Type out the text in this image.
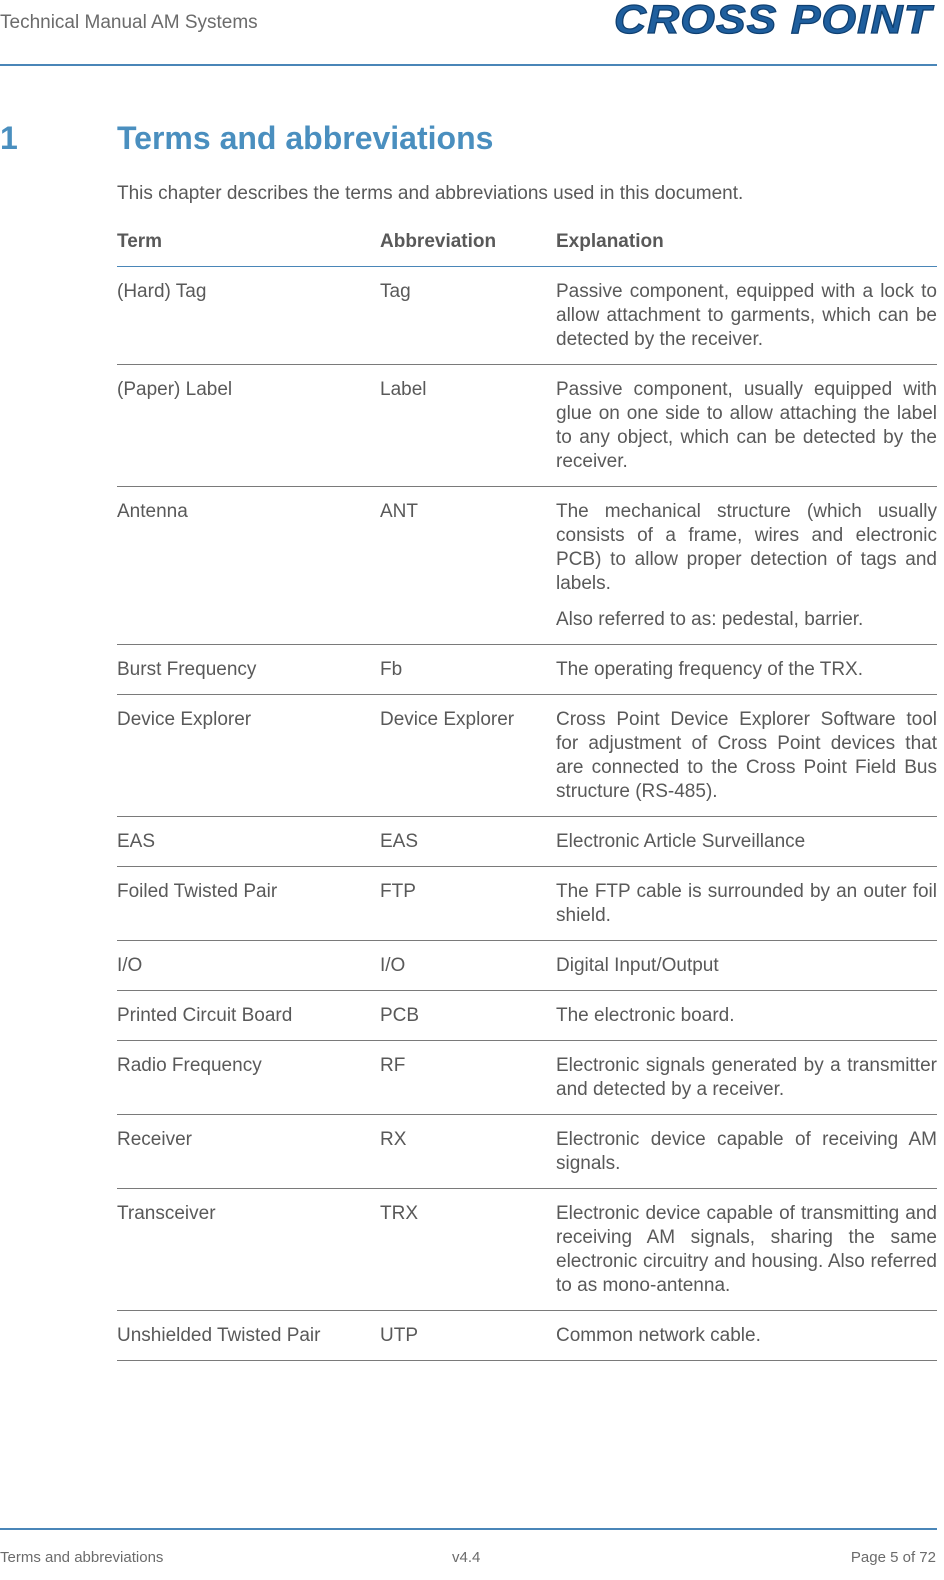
Technical Manual AM Systems	CROSS POINT
1	Terms and abbreviations
This chapter describes the terms and abbreviations used in this document.
Term	Abbreviation	Explanation
(Hard) Tag	Tag	Passive component, equipped with a lock to allow attachment to garments, which can be detected by the receiver.

(Paper) Label	Label	Passive component, usually equipped with glue on one side to allow attaching the label to any object, which can be detected by the receiver.

Antenna	ANT	The mechanical structure (which usually consists of a frame, wires and electronic PCB) to allow proper detection of tags and labels.

Also referred to as: pedestal, barrier.

Burst Frequency	Fb	The operating frequency of the TRX.

Device Explorer	Device Explorer	Cross Point Device Explorer Software tool for adjustment of Cross Point devices that are connected to the Cross Point Field Bus structure (RS-485).

EAS	EAS	Electronic Article Surveillance

Foiled Twisted Pair	FTP	The FTP cable is surrounded by an outer foil shield.

I/O	I/O	Digital Input/Output

Printed Circuit Board	PCB	The electronic board.

Radio Frequency	RF	Electronic signals generated by a transmitter and detected by a receiver.

Receiver	RX	Electronic device capable of receiving AM signals.

Transceiver	TRX	Electronic device capable of transmitting and receiving AM signals, sharing the same electronic circuitry and housing. Also referred to as mono-antenna.

Unshielded Twisted Pair	UTP	Common network cable.

Terms and abbreviations	v4.4	Page 5 of 72
